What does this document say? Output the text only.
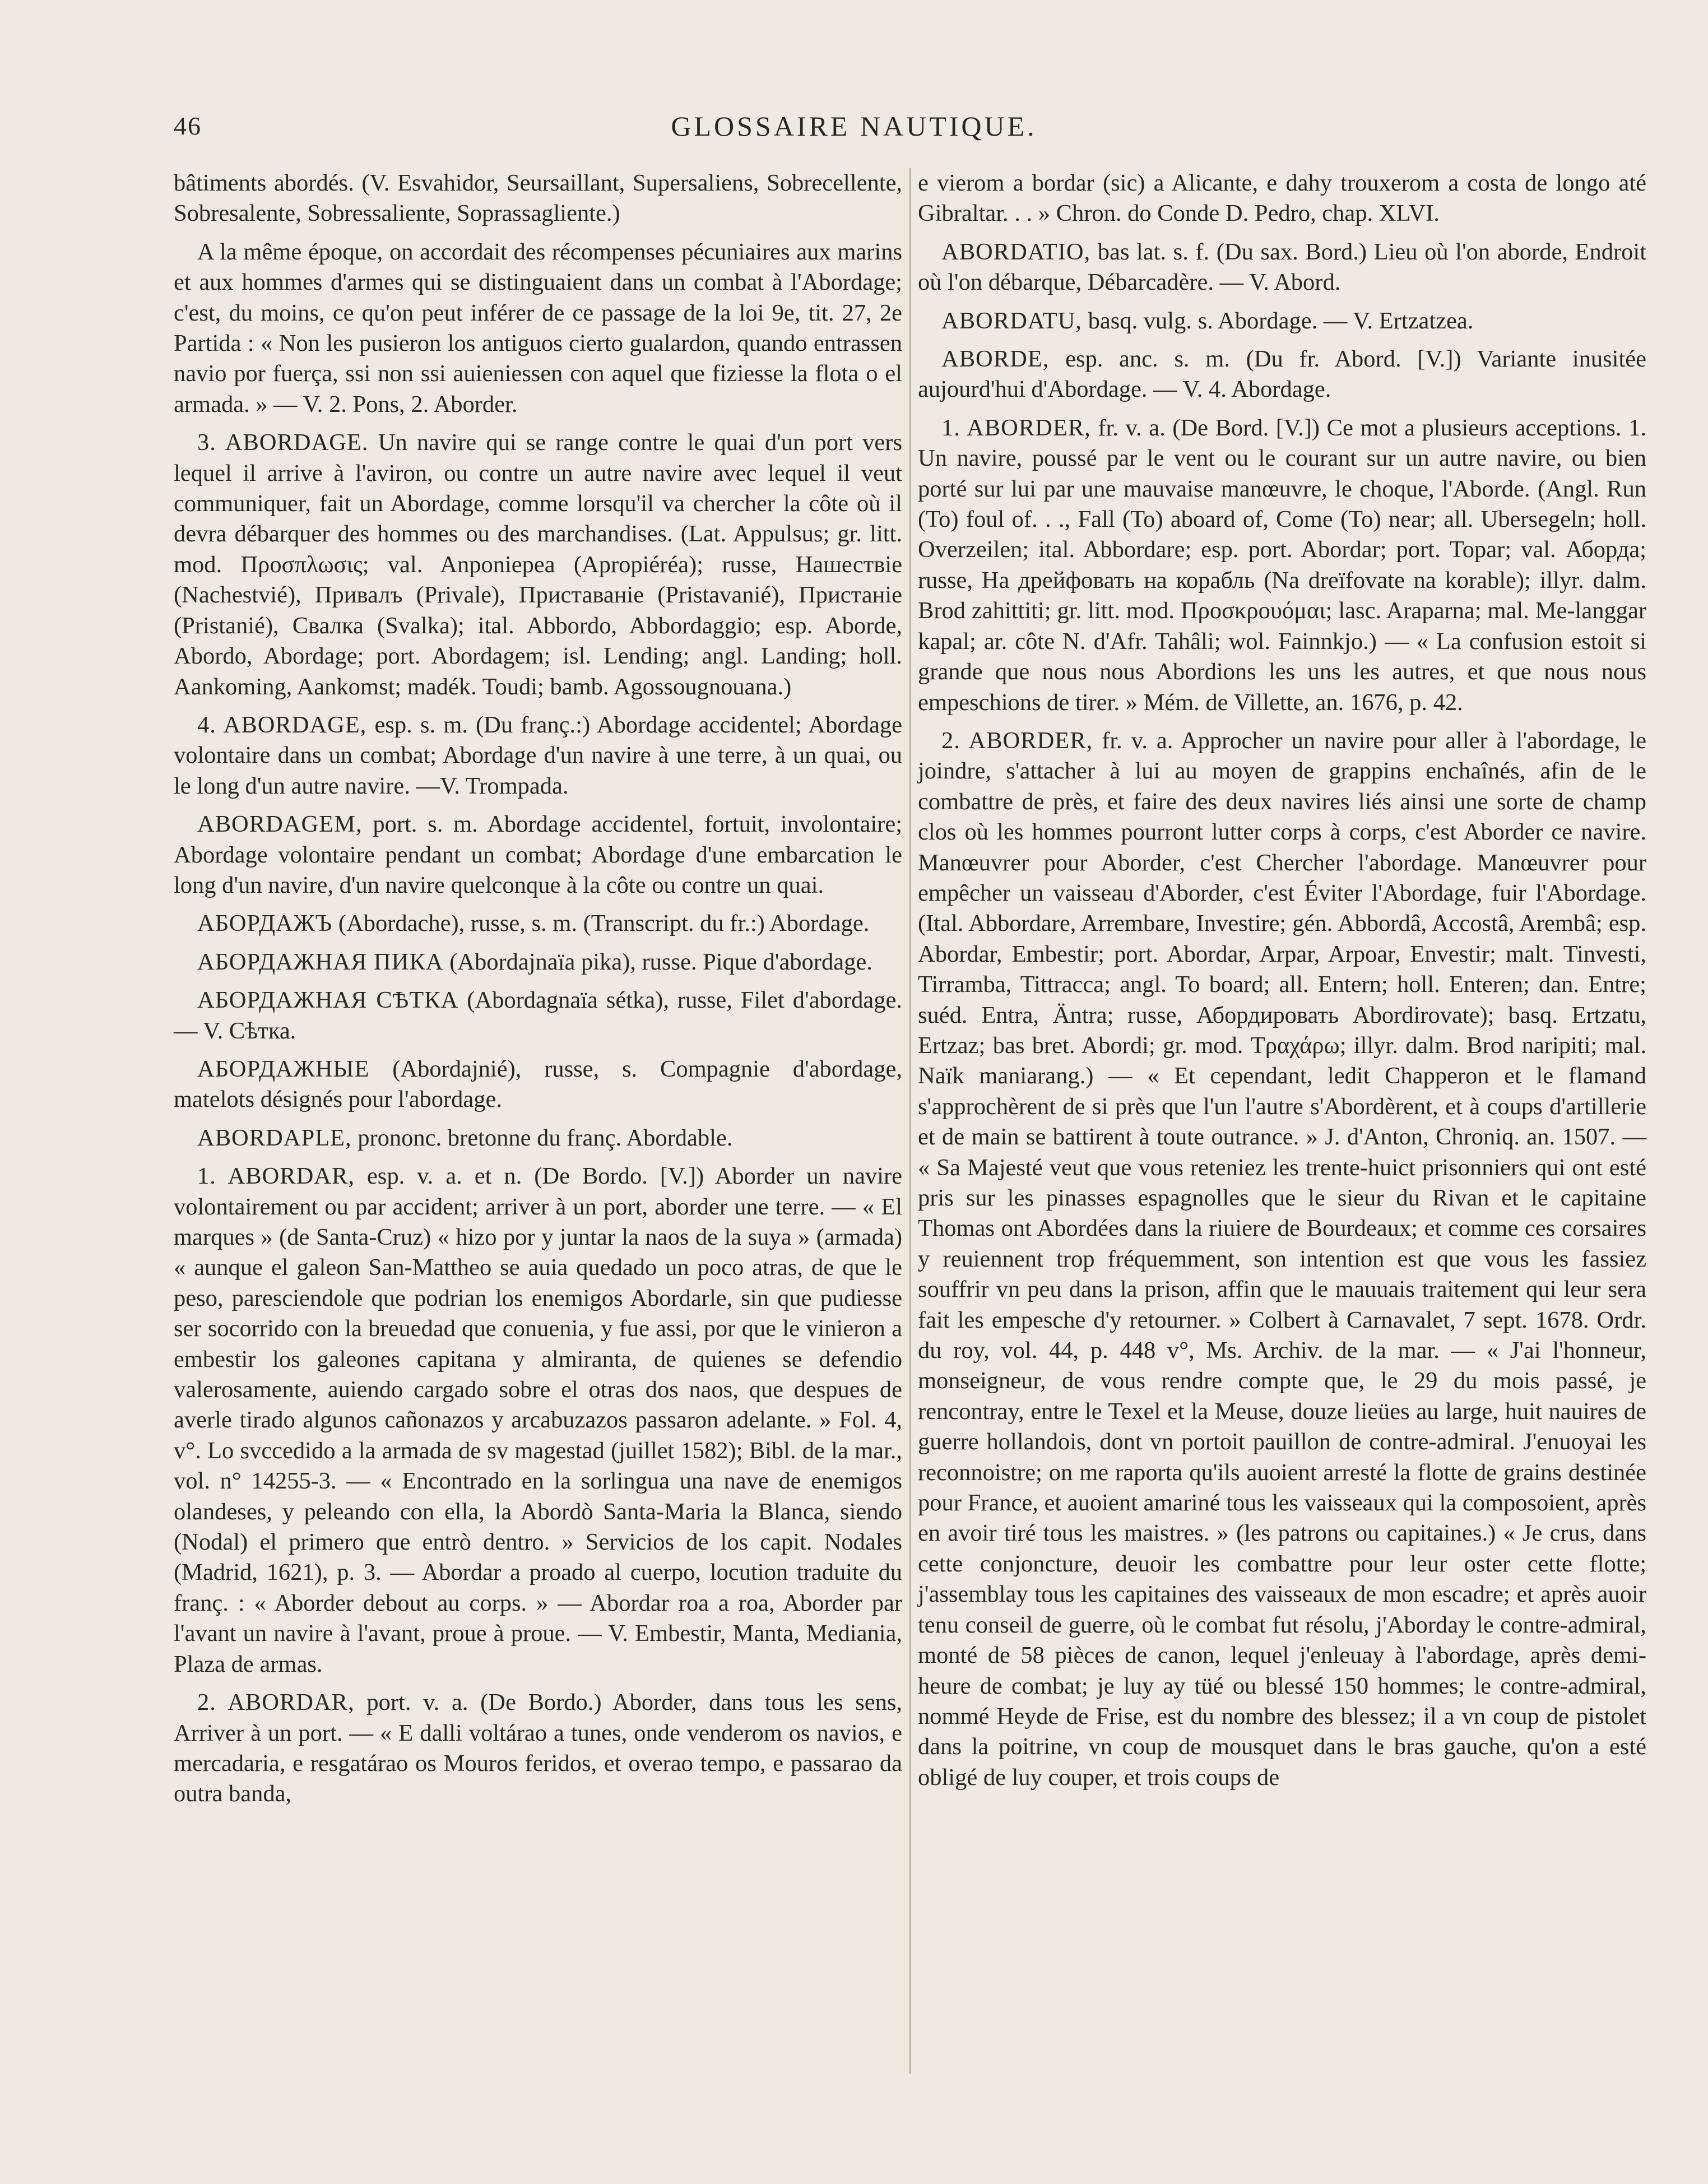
46	GLOSSAIRE NAUTIQUE.

bâtiments abordés. (V. Esvahidor, Seursaillant, Supersaliens, Sobrecellente, Sobresalente, Sobressaliente, Soprassagliente.)

A la même époque, on accordait des récompenses pécuniaires aux marins et aux hommes d'armes qui se distinguaient dans un combat à l'Abordage; c'est, du moins, ce qu'on peut inférer de ce passage de la loi 9e, tit. 27, 2e Partida : « Non les pusieron los antiguos cierto gualardon, quando entrassen navio por fuerça, ssi non ssi auieniessen con aquel que fiziesse la flota o el armada. » — V. 2. Pons, 2. Aborder.

3. ABORDAGE. Un navire qui se range contre le quai d'un port vers lequel il arrive à l'aviron, ou contre un autre navire avec lequel il veut communiquer, fait un Abordage, comme lorsqu'il va chercher la côte où il devra débarquer des hommes ou des marchandises. (Lat. Appulsus; gr. litt. mod. Προσπλωσις; val. Anponiepea (Apropiéréa); russe, Нашествie (Nachestvié), Привалъ (Privale), Приставанie (Pristavanié), Пристанie (Pristanié), Свалка (Svalka); ital. Abbordo, Abbordaggio; esp. Aborde, Abordo, Abordage; port. Abordagem; isl. Lending; angl. Landing; holl. Aankoming, Aankomst; madék. Toudi; bamb. Agossougnouana.)

4. ABORDAGE, esp. s. m. (Du franç.:) Abordage accidentel; Abordage volontaire dans un combat; Abordage d'un navire à une terre, à un quai, ou le long d'un autre navire. —V. Trompada.

ABORDAGEM, port. s. m. Abordage accidentel, fortuit, involontaire; Abordage volontaire pendant un combat; Abordage d'une embarcation le long d'un navire, d'un navire quelconque à la côte ou contre un quai.

АБОРДАЖЪ (Abordache), russe, s. m. (Transcript. du fr.:) Abordage.

АБОРДАЖНАЯ ПИКА (Abordajnaïa pika), russe. Pique d'abordage.

АБОРДАЖНАЯ СѢТКА (Abordagnaïa sétka), russe, Filet d'abordage. — V. Сѣтка.

АБОРДАЖНЫЕ (Abordajnié), russe, s. Compagnie d'abordage, matelots désignés pour l'abordage.

ABORDAPLE, prononc. bretonne du franç. Abordable.

1. ABORDAR, esp. v. a. et n. (De Bordo. [V.]) Aborder un navire volontairement ou par accident; arriver à un port, aborder une terre. — « El marques » (de Santa-Cruz) « hizo por y juntar la naos de la suya » (armada) « aunque el galeon San-Mattheo se auia quedado un poco atras, de que le peso, paresciendole que podrian los enemigos Abordarle, sin que pudiesse ser socorrido con la breuedad que conuenia, y fue assi, por que le vinieron a embestir los galeones capitana y almiranta, de quienes se defendio valerosamente, auiendo cargado sobre el otras dos naos, que despues de averle tirado algunos cañonazos y arcabuzazos passaron adelante. » Fol. 4, v°. Lo svccedido a la armada de sv magestad (juillet 1582); Bibl. de la mar., vol. n° 14255-3. — « Encontrado en la sorlingua una nave de enemigos olandeses, y peleando con ella, la Abordò Santa-Maria la Blanca, siendo (Nodal) el primero que entrò dentro. » Servicios de los capit. Nodales (Madrid, 1621), p. 3. — Abordar a proado al cuerpo, locution traduite du franç. : « Aborder debout au corps. » — Abordar roa a roa, Aborder par l'avant un navire à l'avant, proue à proue. — V. Embestir, Manta, Mediania, Plaza de armas.

2. ABORDAR, port. v. a. (De Bordo.) Aborder, dans tous les sens, Arriver à un port. — « E dalli voltárao a tunes, onde venderom os navios, e mercadaria, e resgatárao os Mouros feridos, et overao tempo, e passarao da outra banda,

e vierom a bordar (sic) a Alicante, e dahy trouxerom a costa de longo até Gibraltar. . . » Chron. do Conde D. Pedro, chap. XLVI.

ABORDATIO, bas lat. s. f. (Du sax. Bord.) Lieu où l'on aborde, Endroit où l'on débarque, Débarcadère. — V. Abord.

ABORDATU, basq. vulg. s. Abordage. — V. Ertzatzea.

ABORDE, esp. anc. s. m. (Du fr. Abord. [V.]) Variante inusitée aujourd'hui d'Abordage. — V. 4. Abordage.

1. ABORDER, fr. v. a. (De Bord. [V.]) Ce mot a plusieurs acceptions. 1. Un navire, poussé par le vent ou le courant sur un autre navire, ou bien porté sur lui par une mauvaise manœuvre, le choque, l'Aborde. (Angl. Run (To) foul of. . ., Fall (To) aboard of, Come (To) near; all. Ubersegeln; holl. Overzeilen; ital. Abbordare; esp. port. Abordar; port. Topar; val. Аборда; russe, На дрейфовать на корабль (Na dreïfovate na korable); illyr. dalm. Brod zahittiti; gr. litt. mod. Προσκρουόμαι; lasc. Araparna; mal. Me-langgar kapal; ar. côte N. d'Afr. Tahâli; wol. Fainnkjo.) — « La confusion estoit si grande que nous nous Abordions les uns les autres, et que nous nous empeschions de tirer. » Mém. de Villette, an. 1676, p. 42.

2. ABORDER, fr. v. a. Approcher un navire pour aller à l'abordage, le joindre, s'attacher à lui au moyen de grappins enchaînés, afin de le combattre de près, et faire des deux navires liés ainsi une sorte de champ clos où les hommes pourront lutter corps à corps, c'est Aborder ce navire. Manœuvrer pour Aborder, c'est Chercher l'abordage. Manœuvrer pour empêcher un vaisseau d'Aborder, c'est Éviter l'Abordage, fuir l'Abordage. (Ital. Abbordare, Arrembare, Investire; gén. Abbordâ, Accostâ, Arembâ; esp. Abordar, Embestir; port. Abordar, Arpar, Arpoar, Envestir; malt. Tinvesti, Tirramba, Tittracca; angl. To board; all. Entern; holl. Enteren; dan. Entre; suéd. Entra, Äntra; russe, Абордировать Abordirovate); basq. Ertzatu, Ertzaz; bas bret. Abordi; gr. mod. Τραχάρω; illyr. dalm. Brod naripiti; mal. Naïk maniarang.) — « Et cependant, ledit Chapperon et le flamand s'approchèrent de si près que l'un l'autre s'Abordèrent, et à coups d'artillerie et de main se battirent à toute outrance. » J. d'Anton, Chroniq. an. 1507. — « Sa Majesté veut que vous reteniez les trente-huict prisonniers qui ont esté pris sur les pinasses espagnolles que le sieur du Rivan et le capitaine Thomas ont Abordées dans la riuiere de Bourdeaux; et comme ces corsaires y reuiennent trop fréquemment, son intention est que vous les fassiez souffrir vn peu dans la prison, affin que le mauuais traitement qui leur sera fait les empesche d'y retourner. » Colbert à Carnavalet, 7 sept. 1678. Ordr. du roy, vol. 44, p. 448 v°, Ms. Archiv. de la mar. — « J'ai l'honneur, monseigneur, de vous rendre compte que, le 29 du mois passé, je rencontray, entre le Texel et la Meuse, douze lieües au large, huit nauires de guerre hollandois, dont vn portoit pauillon de contre-admiral. J'enuoyai les reconnoistre; on me raporta qu'ils auoient arresté la flotte de grains destinée pour France, et auoient amariné tous les vaisseaux qui la composoient, après en avoir tiré tous les maistres. » (les patrons ou capitaines.) « Je crus, dans cette conjoncture, deuoir les combattre pour leur oster cette flotte; j'assemblay tous les capitaines des vaisseaux de mon escadre; et après auoir tenu conseil de guerre, où le combat fut résolu, j'Aborday le contre-admiral, monté de 58 pièces de canon, lequel j'enleuay à l'abordage, après demi-heure de combat; je luy ay tüé ou blessé 150 hommes; le contre-admiral, nommé Heyde de Frise, est du nombre des blessez; il a vn coup de pistolet dans la poitrine, vn coup de mousquet dans le bras gauche, qu'on a esté obligé de luy couper, et trois coups de
